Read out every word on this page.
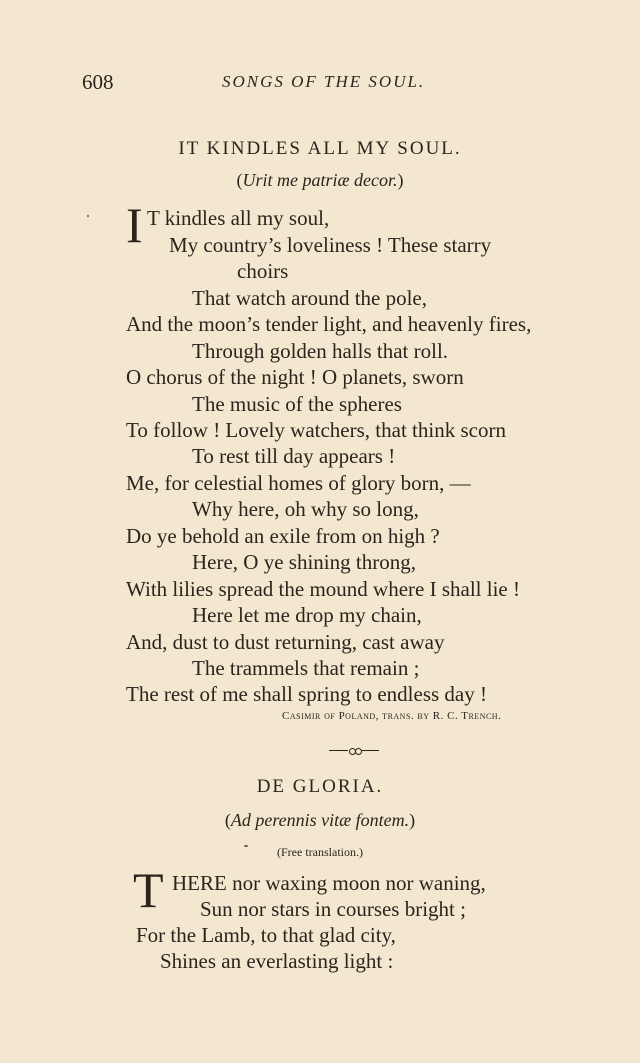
608	SONGS OF THE SOUL.
IT KINDLES ALL MY SOUL.
(Urit me patriæ decor.)
I T kindles all my soul,
My country’s loveliness ! These starry
choirs
That watch around the pole,
And the moon’s tender light, and heavenly fires,
Through golden halls that roll.
O chorus of the night ! O planets, sworn
The music of the spheres
To follow ! Lovely watchers, that think scorn
To rest till day appears !
Me, for celestial homes of glory born, —
Why here, oh why so long,
Do ye behold an exile from on high ?
Here, O ye shining throng,
With lilies spread the mound where I shall lie !
Here let me drop my chain,
And, dust to dust returning, cast away
The trammels that remain ;
The rest of me shall spring to endless day !
Casimir of Poland, trans. by R. C. Trench.
DE GLORIA.
(Ad perennis vitæ fontem.)
(Free translation.)
T HERE nor waxing moon nor waning,
Sun nor stars in courses bright ;
For the Lamb, to that glad city,
Shines an everlasting light :
